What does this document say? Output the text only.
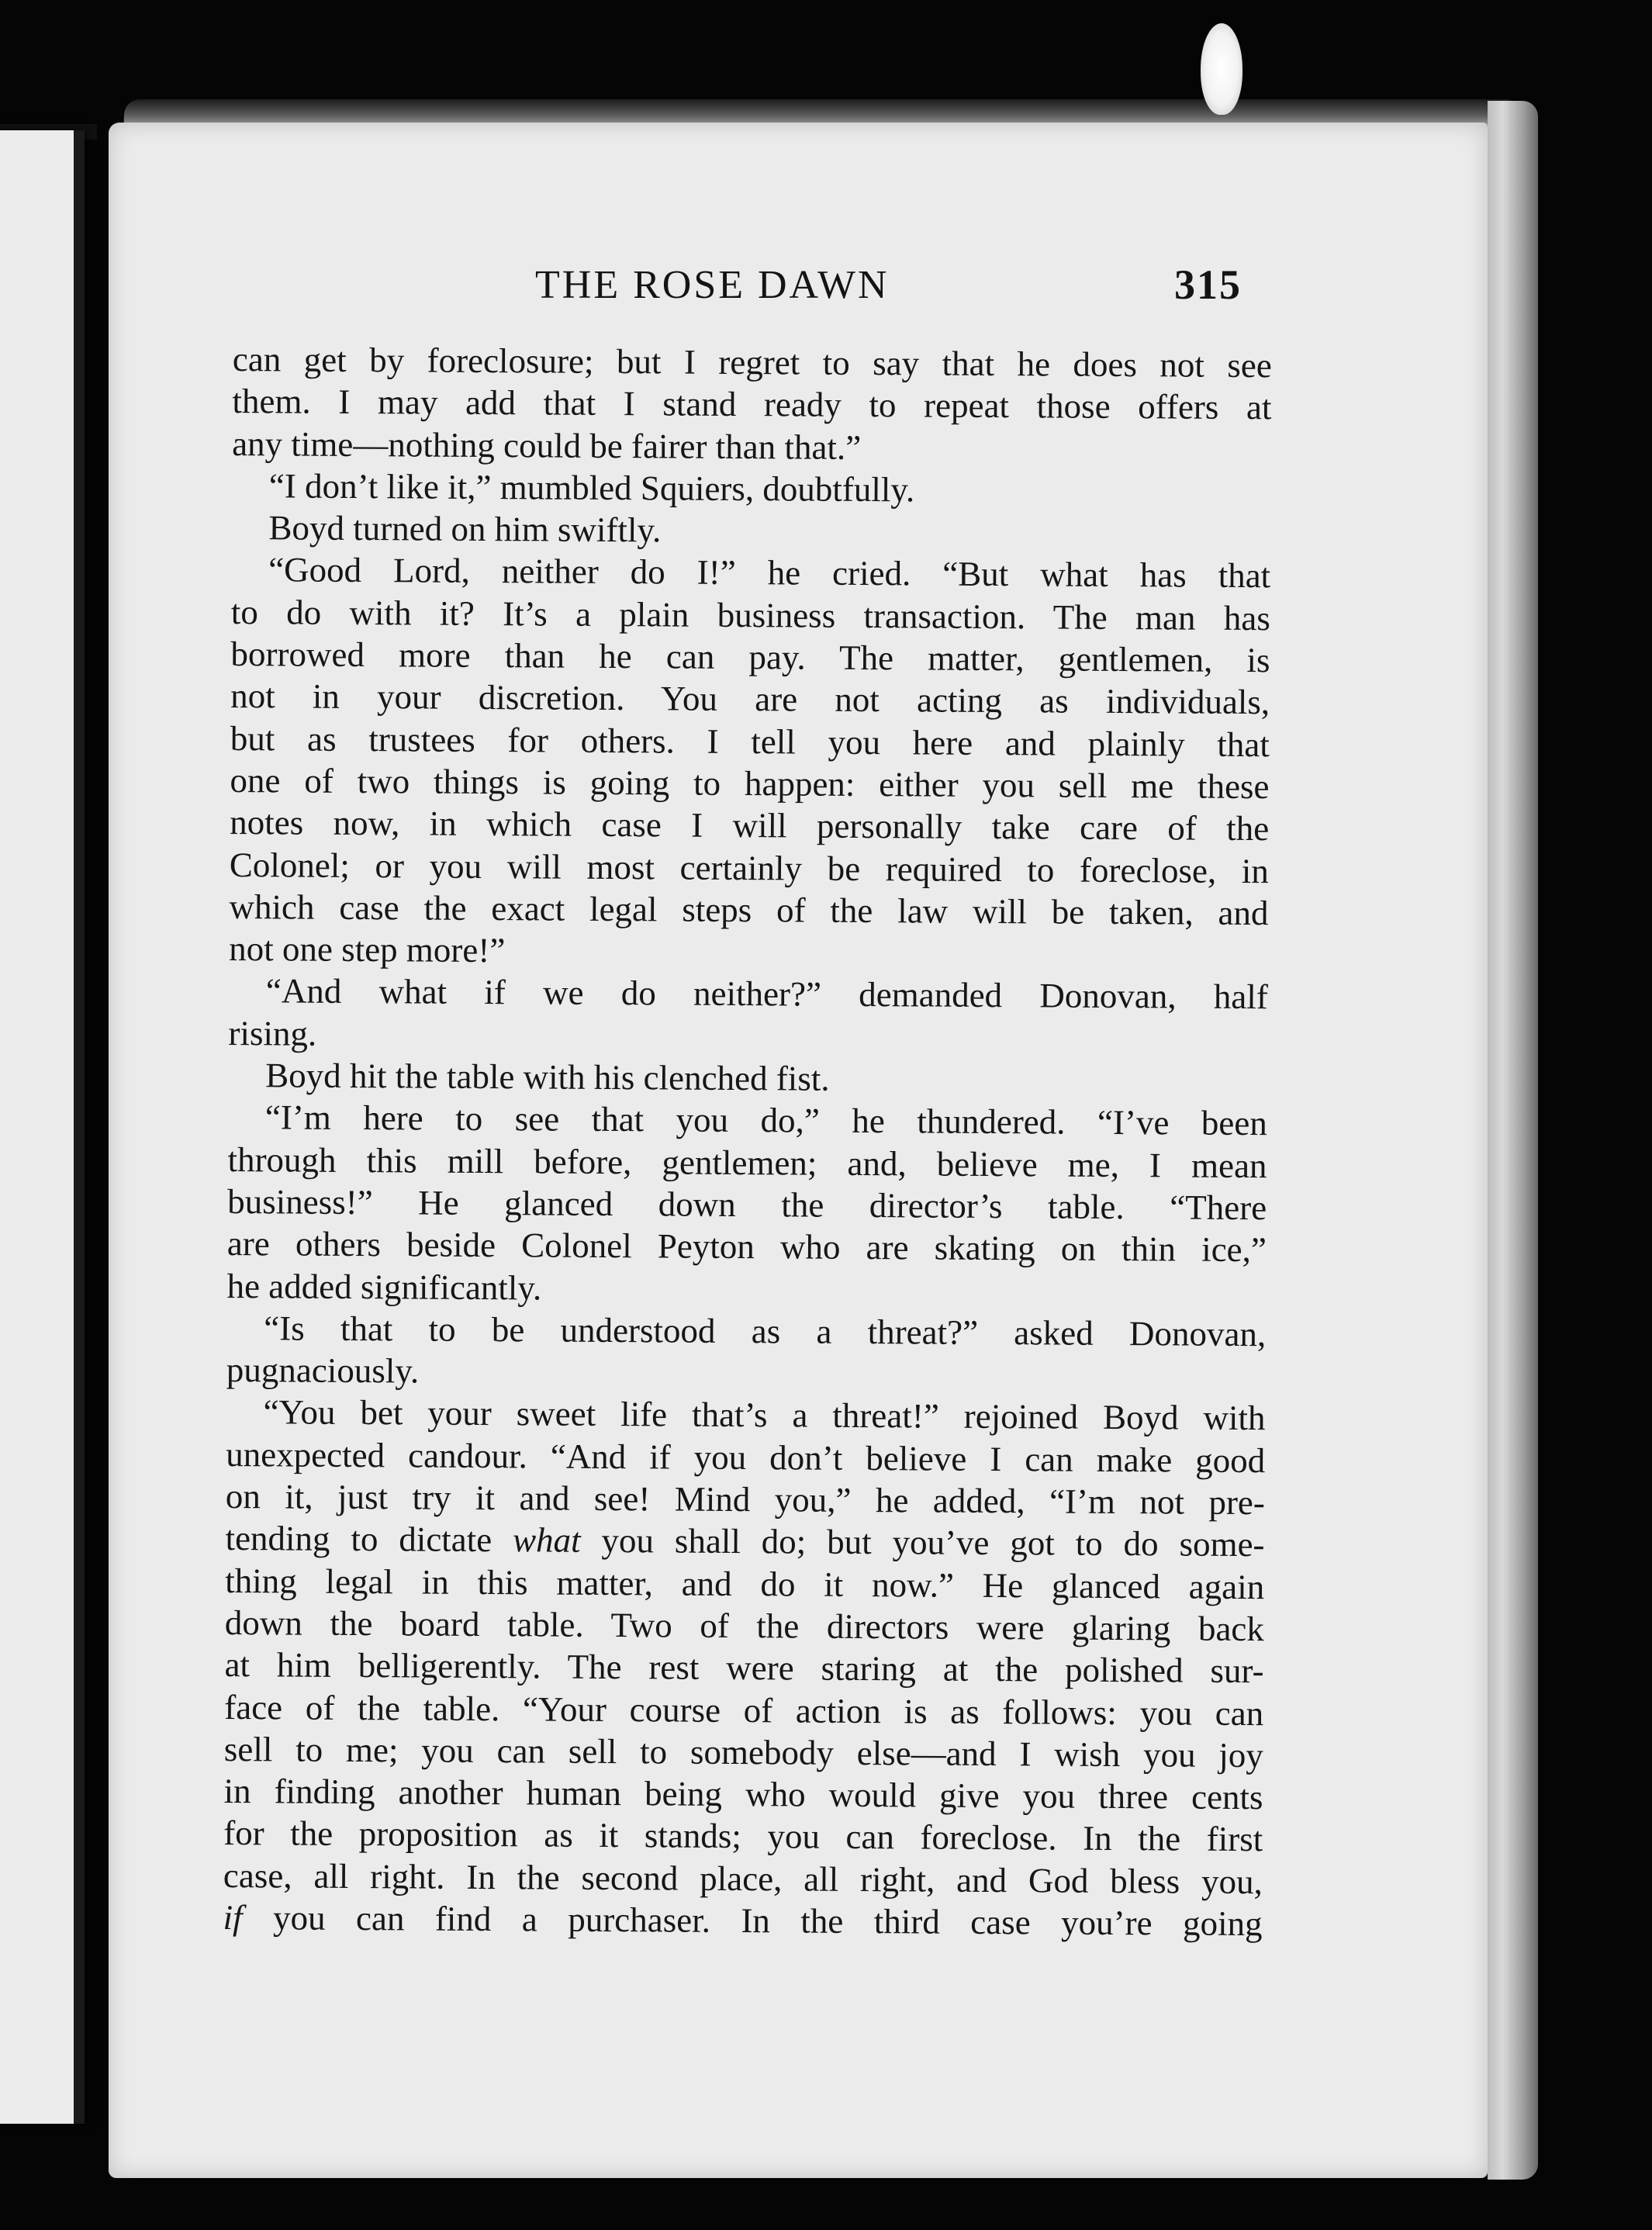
THE ROSE DAWN	315
can get by foreclosure; but I regret to say that he does not see
them. I may add that I stand ready to repeat those offers at
any time—nothing could be fairer than that.”
“I don’t like it,” mumbled Squiers, doubtfully.
Boyd turned on him swiftly.
“Good Lord, neither do I!” he cried. “But what has that
to do with it? It’s a plain business transaction. The man has
borrowed more than he can pay. The matter, gentlemen, is
not in your discretion. You are not acting as individuals,
but as trustees for others. I tell you here and plainly that
one of two things is going to happen: either you sell me these
notes now, in which case I will personally take care of the
Colonel; or you will most certainly be required to foreclose, in
which case the exact legal steps of the law will be taken, and
not one step more!”
“And what if we do neither?” demanded Donovan, half
rising.
Boyd hit the table with his clenched fist.
“I’m here to see that you do,” he thundered. “I’ve been
through this mill before, gentlemen; and, believe me, I mean
business!” He glanced down the director’s table. “There
are others beside Colonel Peyton who are skating on thin ice,”
he added significantly.
“Is that to be understood as a threat?” asked Donovan,
pugnaciously.
“You bet your sweet life that’s a threat!” rejoined Boyd with
unexpected candour. “And if you don’t believe I can make good
on it, just try it and see! Mind you,” he added, “I’m not pre-
tending to dictate what you shall do; but you’ve got to do some-
thing legal in this matter, and do it now.” He glanced again
down the board table. Two of the directors were glaring back
at him belligerently. The rest were staring at the polished sur-
face of the table. “Your course of action is as follows: you can
sell to me; you can sell to somebody else—and I wish you joy
in finding another human being who would give you three cents
for the proposition as it stands; you can foreclose. In the first
case, all right. In the second place, all right, and God bless you,
if you can find a purchaser. In the third case you’re going
